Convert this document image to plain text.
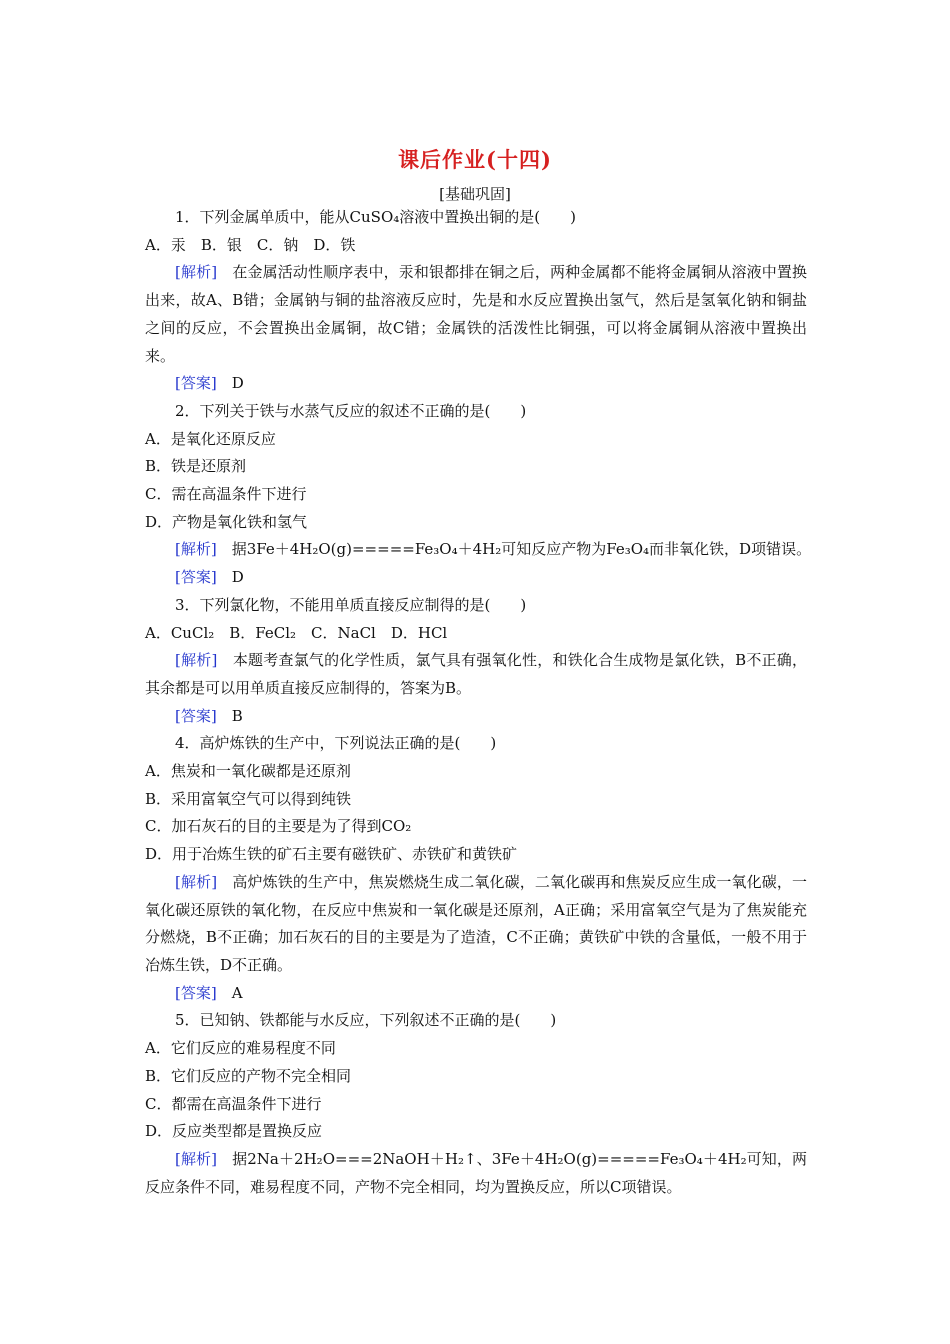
课后作业(十四)
[基础巩固]
1．下列金属单质中，能从CuSO₄溶液中置换出铜的是(　　)
A．汞　B．银　C．钠　D．铁
[解析]　 在金属活动性顺序表中，汞和银都排在铜之后，两种金属都不能将金属铜从溶液中置换出来，故A、B错；金属钠与铜的盐溶液反应时，先是和水反应置换出氢气，然后是氢氧化钠和铜盐之间的反应，不会置换出金属铜，故C错；金属铁的活泼性比铜强，可以将金属铜从溶液中置换出来。
[答案]　 D
2．下列关于铁与水蒸气反应的叙述不正确的是(　　)
A．是氧化还原反应
B．铁是还原剂
C．需在高温条件下进行
D．产物是氧化铁和氢气
[解析]　 据3Fe＋4H₂O(g)=====Fe₃O₄＋4H₂可知反应产物为Fe₃O₄而非氧化铁，D项错误。
[答案]　 D
3．下列氯化物，不能用单质直接反应制得的是(　　)
A．CuCl₂　B．FeCl₂　C．NaCl　D．HCl
[解析]　 本题考查氯气的化学性质，氯气具有强氧化性，和铁化合生成物是氯化铁，B不正确，其余都是可以用单质直接反应制得的，答案为B。
[答案]　 B
4．高炉炼铁的生产中，下列说法正确的是(　　)
A．焦炭和一氧化碳都是还原剂
B．采用富氧空气可以得到纯铁
C．加石灰石的目的主要是为了得到CO₂
D．用于冶炼生铁的矿石主要有磁铁矿、赤铁矿和黄铁矿
[解析]　 高炉炼铁的生产中，焦炭燃烧生成二氧化碳，二氧化碳再和焦炭反应生成一氧化碳，一氧化碳还原铁的氧化物，在反应中焦炭和一氧化碳是还原剂，A正确；采用富氧空气是为了焦炭能充分燃烧，B不正确；加石灰石的目的主要是为了造渣，C不正确；黄铁矿中铁的含量低，一般不用于冶炼生铁，D不正确。
[答案]　 A
5．已知钠、铁都能与水反应，下列叙述不正确的是(　　)
A．它们反应的难易程度不同
B．它们反应的产物不完全相同
C．都需在高温条件下进行
D．反应类型都是置换反应
[解析]　 据2Na＋2H₂O===2NaOH＋H₂↑、3Fe＋4H₂O(g)=====Fe₃O₄＋4H₂可知，两反应条件不同，难易程度不同，产物不完全相同，均为置换反应，所以C项错误。
